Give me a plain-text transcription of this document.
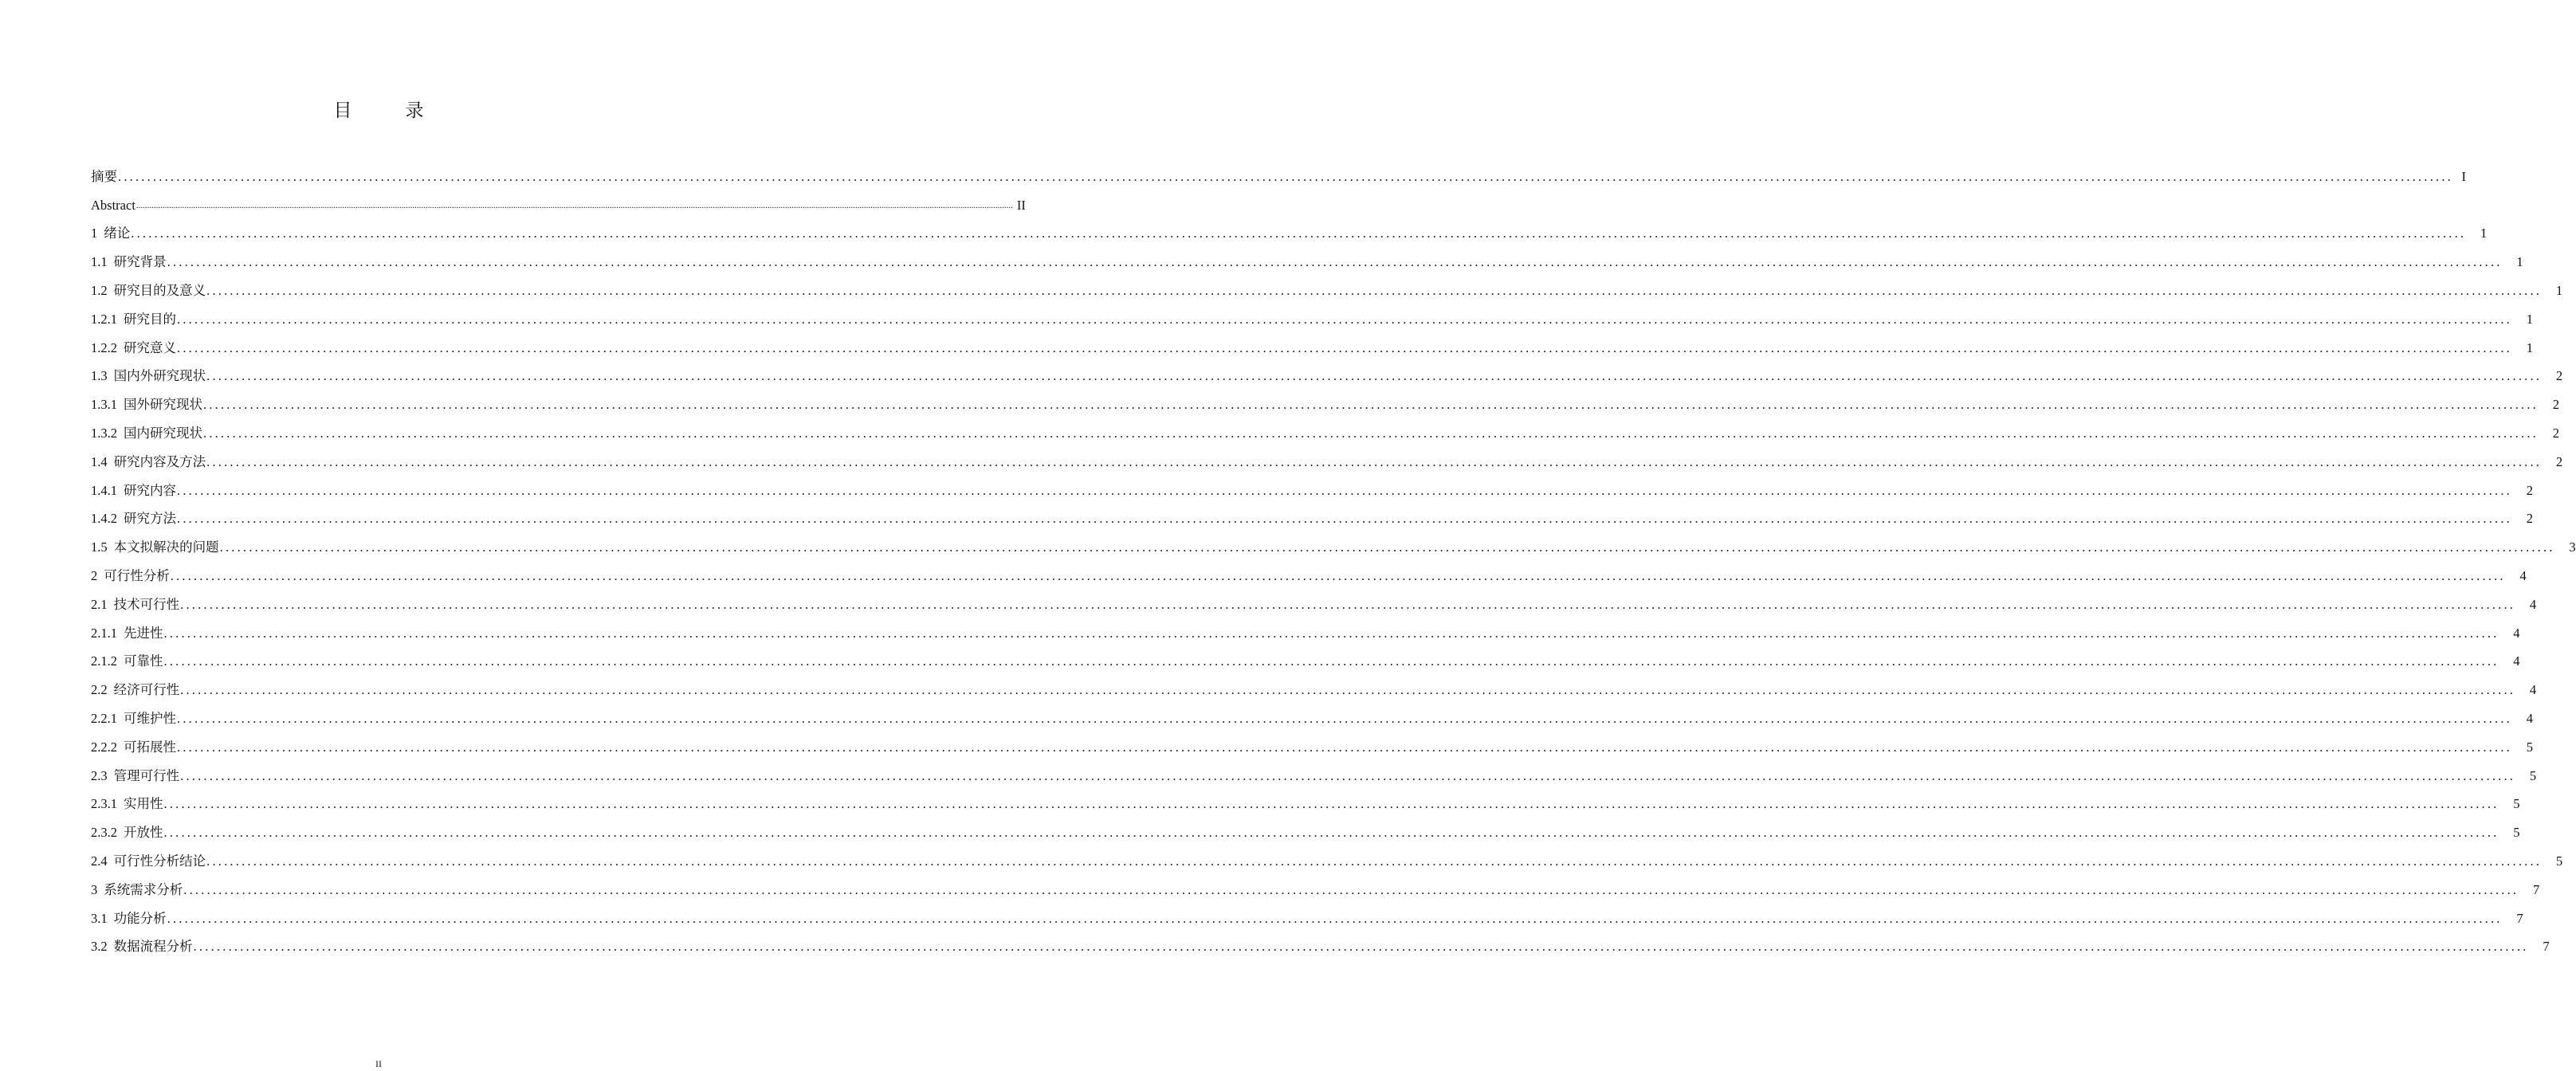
目　录
摘要 ................................................................................................................................................................................................................................................................................................................................................................................................................ I
Abstract ................................................................................................................................................................................................................................................................................................................................................................................................................ II
1 绪论 ................................................................................................................................................................................................................................................................................................................................................................................................................ 1
1.1 研究背景 ................................................................................................................................................................................................................................................................................................................................................................................................................ 1
1.2 研究目的及意义 ................................................................................................................................................................................................................................................................................................................................................................................................................ 1
1.2.1 研究目的 ................................................................................................................................................................................................................................................................................................................................................................................................................ 1
1.2.2 研究意义 ................................................................................................................................................................................................................................................................................................................................................................................................................ 1
1.3 国内外研究现状 ................................................................................................................................................................................................................................................................................................................................................................................................................ 2
1.3.1 国外研究现状 ................................................................................................................................................................................................................................................................................................................................................................................................................ 2
1.3.2 国内研究现状 ................................................................................................................................................................................................................................................................................................................................................................................................................ 2
1.4 研究内容及方法 ................................................................................................................................................................................................................................................................................................................................................................................................................ 2
1.4.1 研究内容 ................................................................................................................................................................................................................................................................................................................................................................................................................ 2
1.4.2 研究方法 ................................................................................................................................................................................................................................................................................................................................................................................................................ 2
1.5 本文拟解决的问题 ................................................................................................................................................................................................................................................................................................................................................................................................................ 3
2 可行性分析 ................................................................................................................................................................................................................................................................................................................................................................................................................ 4
2.1 技术可行性 ................................................................................................................................................................................................................................................................................................................................................................................................................ 4
2.1.1 先进性 ................................................................................................................................................................................................................................................................................................................................................................................................................ 4
2.1.2 可靠性 ................................................................................................................................................................................................................................................................................................................................................................................................................ 4
2.2 经济可行性 ................................................................................................................................................................................................................................................................................................................................................................................................................ 4
2.2.1 可维护性 ................................................................................................................................................................................................................................................................................................................................................................................................................ 4
2.2.2 可拓展性 ................................................................................................................................................................................................................................................................................................................................................................................................................ 5
2.3 管理可行性 ................................................................................................................................................................................................................................................................................................................................................................................................................ 5
2.3.1 实用性 ................................................................................................................................................................................................................................................................................................................................................................................................................ 5
2.3.2 开放性 ................................................................................................................................................................................................................................................................................................................................................................................................................ 5
2.4 可行性分析结论 ................................................................................................................................................................................................................................................................................................................................................................................................................ 5
3 系统需求分析 ................................................................................................................................................................................................................................................................................................................................................................................................................ 7
3.1 功能分析 ................................................................................................................................................................................................................................................................................................................................................................................................................ 7
3.2 数据流程分析 ................................................................................................................................................................................................................................................................................................................................................................................................................ 7
II
